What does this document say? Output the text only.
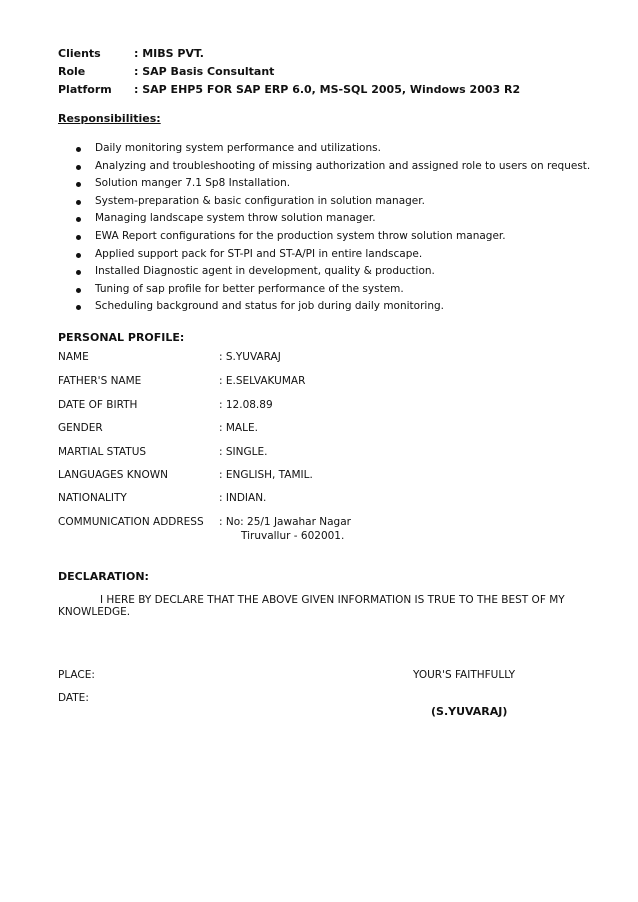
Clients	: MIBS PVT.
Role	: SAP Basis Consultant
Platform : SAP EHP5 FOR SAP ERP 6.0, MS-SQL 2005, Windows 2003 R2
Responsibilities:
Daily monitoring system performance and utilizations.
Analyzing and troubleshooting of missing authorization and assigned role to users on request.
Solution manger 7.1 Sp8 Installation.
System-preparation & basic configuration in solution manager.
Managing landscape system throw solution manager.
EWA Report configurations for the production system throw solution manager.
Applied support pack for ST-PI and ST-A/PI in entire landscape.
Installed Diagnostic agent in development, quality & production.
Tuning of sap profile for better performance of the system.
Scheduling background and status for job during daily monitoring.
PERSONAL PROFILE:
NAME	: S.YUVARAJ
FATHER'S NAME	: E.SELVAKUMAR
DATE OF BIRTH	: 12.08.89
GENDER	: MALE.
MARTIAL STATUS	: SINGLE.
LANGUAGES KNOWN	: ENGLISH, TAMIL.
NATIONALITY	: INDIAN.
COMMUNICATION ADDRESS : No: 25/1 Jawahar Nagar
Tiruvallur - 602001.
DECLARATION:
I HERE BY DECLARE THAT THE ABOVE GIVEN INFORMATION IS TRUE TO THE BEST OF MY
KNOWLEDGE.
PLACE:	YOUR'S FAITHFULLY
DATE:
(S.YUVARAJ)
